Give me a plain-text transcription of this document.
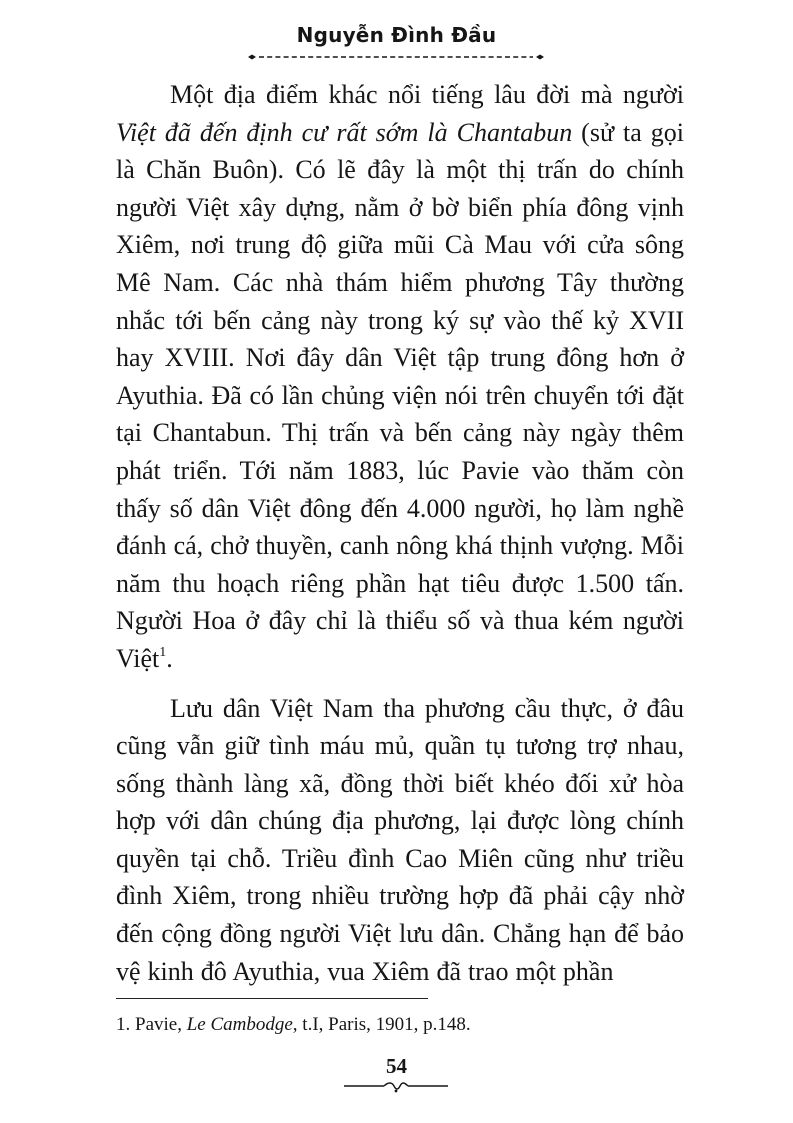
Nguyễn Đình Đầu

Một địa điểm khác nổi tiếng lâu đời mà người Việt đã đến định cư rất sớm là Chantabun (sử ta gọi là Chăn Buôn). Có lẽ đây là một thị trấn do chính người Việt xây dựng, nằm ở bờ biển phía đông vịnh Xiêm, nơi trung độ giữa mũi Cà Mau với cửa sông Mê Nam. Các nhà thám hiểm phương Tây thường nhắc tới bến cảng này trong ký sự vào thế kỷ XVII hay XVIII. Nơi đây dân Việt tập trung đông hơn ở Ayuthia. Đã có lần chủng viện nói trên chuyển tới đặt tại Chantabun. Thị trấn và bến cảng này ngày thêm phát triển. Tới năm 1883, lúc Pavie vào thăm còn thấy số dân Việt đông đến 4.000 người, họ làm nghề đánh cá, chở thuyền, canh nông khá thịnh vượng. Mỗi năm thu hoạch riêng phần hạt tiêu được 1.500 tấn. Người Hoa ở đây chỉ là thiểu số và thua kém người Việt$^1$.

Lưu dân Việt Nam tha phương cầu thực, ở đâu cũng vẫn giữ tình máu mủ, quần tụ tương trợ nhau, sống thành làng xã, đồng thời biết khéo đối xử hòa hợp với dân chúng địa phương, lại được lòng chính quyền tại chỗ. Triều đình Cao Miên cũng như triều đình Xiêm, trong nhiều trường hợp đã phải cậy nhờ đến cộng đồng người Việt lưu dân. Chẳng hạn để bảo vệ kinh đô Ayuthia, vua Xiêm đã trao một phần

1. Pavie, Le Cambodge, t.I, Paris, 1901, p.148.
54
